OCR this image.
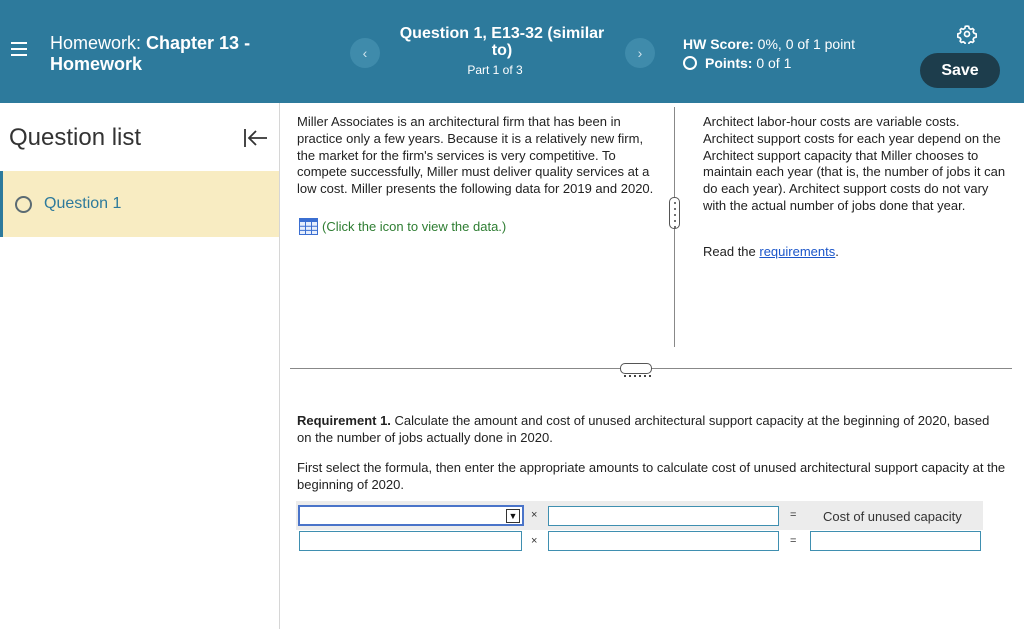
Homework: Chapter 13 - Homework
‹
Question 1, E13-32 (similar to)
Part 1 of 3
›
HW Score: 0%, 0 of 1 point
Points: 0 of 1	Save
Question list
Question 1
Miller Associates is an architectural firm that has been in practice only a few years. Because it is a relatively new firm, the market for the firm's services is very competitive. To compete successfully, Miller must deliver quality services at a low cost. Miller presents the following data for 2019 and 2020.
(Click the icon to view the data.)
Architect labor-hour costs are variable costs. Architect support costs for each year depend on the Architect support capacity that Miller chooses to maintain each year (that is, the number of jobs it can do each year). Architect support costs do not vary with the actual number of jobs done that year.
Read the requirements.
Requirement 1. Calculate the amount and cost of unused architectural support capacity at the beginning of 2020, based on the number of jobs actually done in 2020.
First select the formula, then enter the appropriate amounts to calculate cost of unused architectural support capacity at the beginning of 2020.
▼ ×	= Cost of unused capacity
×	=
